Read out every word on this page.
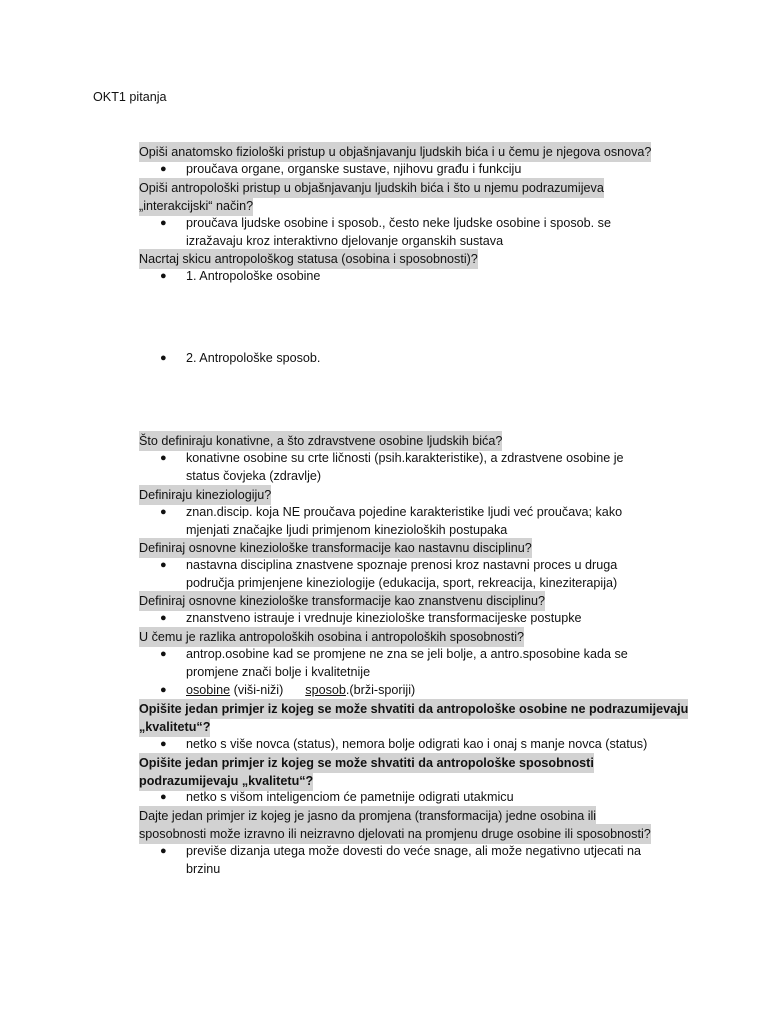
OKT1 pitanja
Opiši anatomsko fiziološki pristup u objašnjavanju ljudskih bića i u čemu je njegova osnova?
● proučava organe, organske sustave, njihovu građu i funkciju
Opiši antropološki pristup u objašnjavanju ljudskih bića i što u njemu podrazumijeva
„interakcijski“ način?
● proučava ljudske osobine i sposob., često neke ljudske osobine i sposob. se
izražavaju kroz interaktivno djelovanje organskih sustava
Nacrtaj skicu antropološkog statusa (osobina i sposobnosti)?
● 1. Antropološke osobine
● 2. Antropološke sposob.
Što definiraju konativne, a što zdravstvene osobine ljudskih bića?
● konativne osobine su crte ličnosti (psih.karakteristike), a zdrastvene osobine je
status čovjeka (zdravlje)
Definiraju kineziologiju?
● znan.discip. koja NE proučava pojedine karakteristike ljudi već proučava; kako
mjenjati značajke ljudi primjenom kinezioloških postupaka
Definiraj osnovne kineziološke transformacije kao nastavnu disciplinu?
● nastavna disciplina znastvene spoznaje prenosi kroz nastavni proces u druga
područja primjenjene kineziologije (edukacija, sport, rekreacija, kineziterapija)
Definiraj osnovne kineziološke transformacije kao znanstvenu disciplinu?
● znanstveno istrauje i vrednuje kineziološke transformacijeske postupke
U čemu je razlika antropoloških osobina i antropoloških sposobnosti?
● antrop.osobine kad se promjene ne zna se jeli bolje, a antro.sposobine kada se
promjene znači bolje i kvalitetnije
● osobine (viši-niži) sposob.(brži-sporiji)
Opišite jedan primjer iz kojeg se može shvatiti da antropološke osobine ne podrazumijevaju
„kvalitetu“?
● netko s više novca (status), nemora bolje odigrati kao i onaj s manje novca (status)
Opišite jedan primjer iz kojeg se može shvatiti da antropološke sposobnosti
podrazumijevaju „kvalitetu“?
● netko s višom inteligenciom će pametnije odigrati utakmicu
Dajte jedan primjer iz kojeg je jasno da promjena (transformacija) jedne osobina ili
sposobnosti može izravno ili neizravno djelovati na promjenu druge osobine ili sposobnosti?
● previše dizanja utega može dovesti do veće snage, ali može negativno utjecati na
brzinu
